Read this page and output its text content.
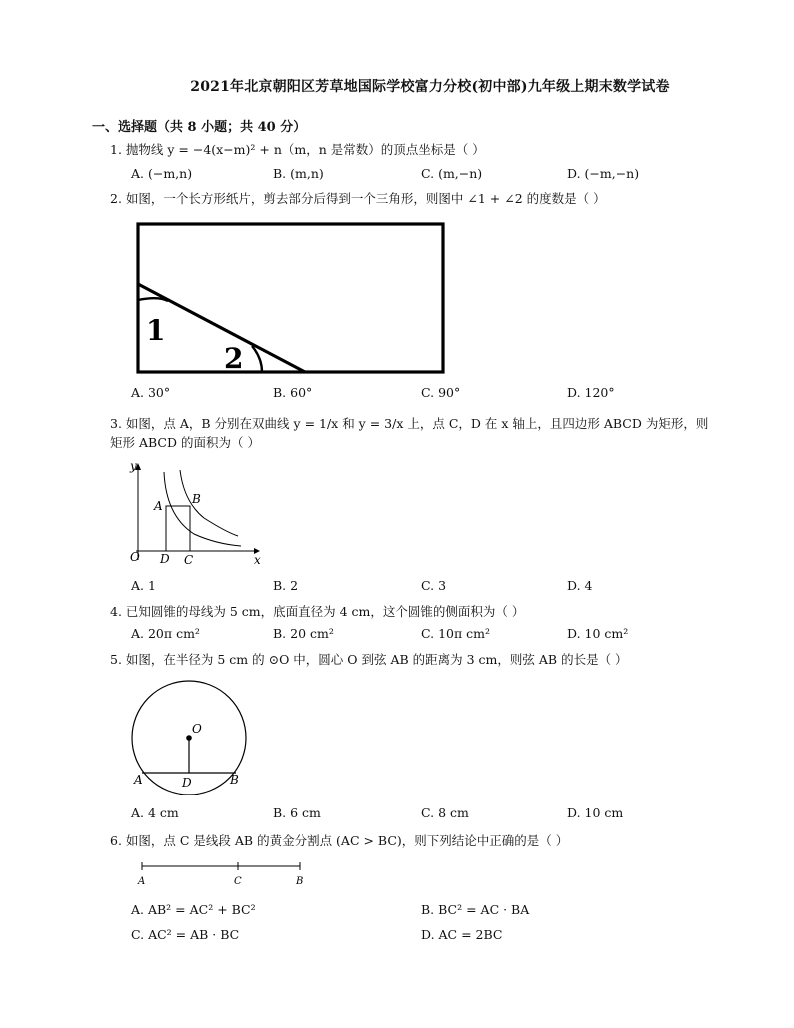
2021年北京朝阳区芳草地国际学校富力分校(初中部)九年级上期末数学试卷
一、选择题（共 8 小题；共 40 分）
1. 抛物线 y = −4(x−m)² + n（m，n 是常数）的顶点坐标是（ ）
A. (−m,n)	B. (m,n)	C. (m,−n)	D. (−m,−n)
2. 如图，一个长方形纸片，剪去部分后得到一个三角形，则图中 ∠1 + ∠2 的度数是（ ）
1
2
A. 30°	B. 60°	C. 90°	D. 120°
3. 如图，点 A，B 分别在双曲线 y = 1/x 和 y = 3/x 上，点 C，D 在 x 轴上，且四边形 ABCD 为矩形，则
矩形 ABCD 的面积为（ ）
y
x
O
A B
D C
A. 1	B. 2	C. 3	D. 4
4. 已知圆锥的母线为 5 cm，底面直径为 4 cm，这个圆锥的侧面积为（ ）
A. 20π cm²	B. 20 cm²	C. 10π cm²	D. 10 cm²
5. 如图，在半径为 5 cm 的 ⊙O 中，圆心 O 到弦 AB 的距离为 3 cm，则弦 AB 的长是（ ）
O
A	B
D
A. 4 cm	B. 6 cm	C. 8 cm	D. 10 cm
6. 如图，点 C 是线段 AB 的黄金分割点 (AC > BC)，则下列结论中正确的是（ ）
A	C	B
A. AB² = AC² + BC²	B. BC² = AC · BA
C. AC² = AB · BC	D. AC = 2BC
